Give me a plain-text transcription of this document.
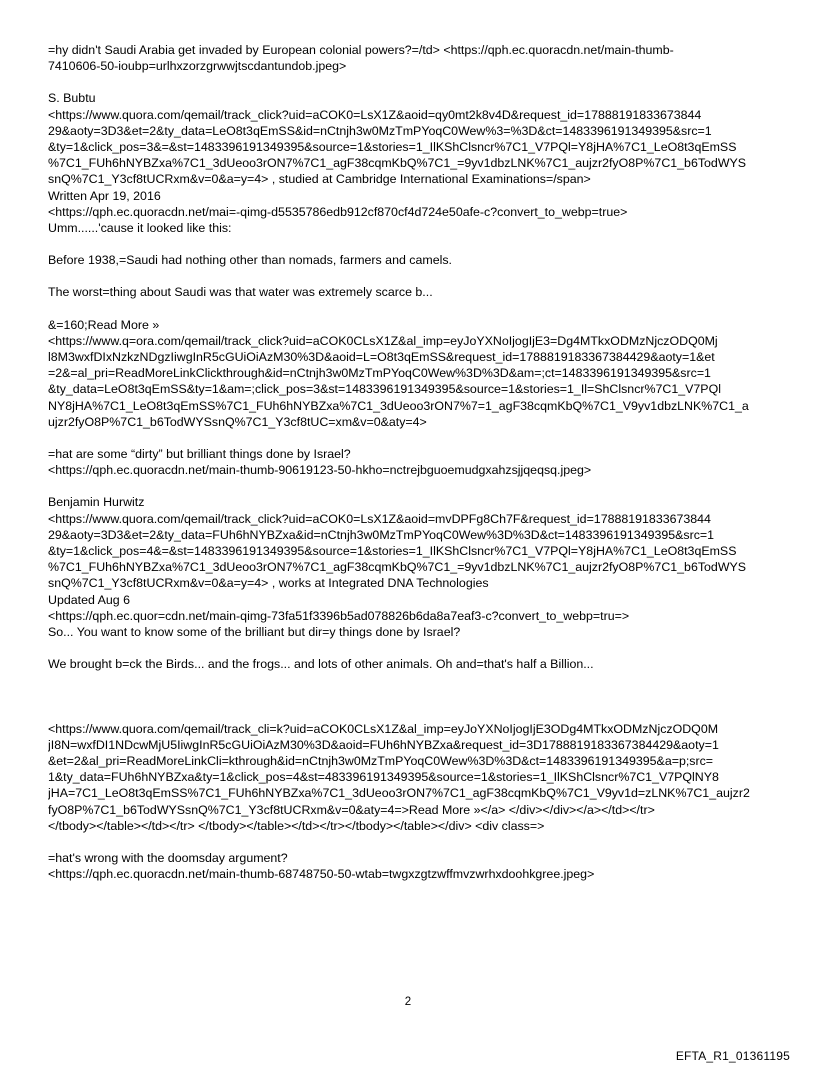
=hy didn't Saudi Arabia get invaded by European colonial powers?=/td> <https://qph.ec.quoracdn.net/main-thumb-
7410606-50-ioubp=urlhxzorzgrwwjtscdantundob.jpeg>
S. Bubtu
<https://www.quora.com/qemail/track_click?uid=aCOK0=LsX1Z&aoid=qy0mt2k8v4D&request_id=17888191833673844
29&aoty=3D3&et=2&ty_data=LeO8t3qEmSS&id=nCtnjh3w0MzTmPYoqC0Wew%3=%3D&ct=1483396191349395&src=1
&ty=1&click_pos=3&=&st=1483396191349395&source=1&stories=1_IlKShClsncr%7C1_V7PQl=Y8jHA%7C1_LeO8t3qEmSS
%7C1_FUh6hNYBZxa%7C1_3dUeoo3rON7%7C1_agF38cqmKbQ%7C1_=9yv1dbzLNK%7C1_aujzr2fyO8P%7C1_b6TodWYS
snQ%7C1_Y3cf8tUCRxm&v=0&a=y=4> , studied at Cambridge International Examinations=/span>
Written Apr 19, 2016
<https://qph.ec.quoracdn.net/mai=-qimg-d5535786edb912cf870cf4d724e50afe-c?convert_to_webp=true>
Umm......'cause it looked like this:
Before 1938,=Saudi had nothing other than nomads, farmers and camels.
The worst=thing about Saudi was that water was extremely scarce b...
&=160;Read More »
<https://www.q=ora.com/qemail/track_click?uid=aCOK0CLsX1Z&al_imp=eyJoYXNoIjogIjE3=Dg4MTkxODMzNjczODQ0Mj
l8M3wxfDIxNzkzNDgzIiwgInR5cGUiOiAzM30%3D&aoid=L=O8t3qEmSS&request_id=1788819183367384429&aoty=1&et
=2&=al_pri=ReadMoreLinkClickthrough&id=nCtnjh3w0MzTmPYoqC0Wew%3D%3D&am=;ct=1483396191349395&src=1
&ty_data=LeO8t3qEmSS&ty=1&am=;click_pos=3&st=1483396191349395&source=1&stories=1_Il=ShClsncr%7C1_V7PQl
NY8jHA%7C1_LeO8t3qEmSS%7C1_FUh6hNYBZxa%7C1_3dUeoo3rON7%7=1_agF38cqmKbQ%7C1_V9yv1dbzLNK%7C1_a
ujzr2fyO8P%7C1_b6TodWYSsnQ%7C1_Y3cf8tUC=xm&v=0&aty=4>
=hat are some “dirty” but brilliant things done by Israel?
<https://qph.ec.quoracdn.net/main-thumb-90619123-50-hkho=nctrejbguoemudgxahzsjjqeqsq.jpeg>
Benjamin Hurwitz
<https://www.quora.com/qemail/track_click?uid=aCOK0=LsX1Z&aoid=mvDPFg8Ch7F&request_id=17888191833673844
29&aoty=3D3&et=2&ty_data=FUh6hNYBZxa&id=nCtnjh3w0MzTmPYoqC0Wew%3D%3D&ct=1483396191349395&src=1
&ty=1&click_pos=4&=&st=1483396191349395&source=1&stories=1_IlKShClsncr%7C1_V7PQl=Y8jHA%7C1_LeO8t3qEmSS
%7C1_FUh6hNYBZxa%7C1_3dUeoo3rON7%7C1_agF38cqmKbQ%7C1_=9yv1dbzLNK%7C1_aujzr2fyO8P%7C1_b6TodWYS
snQ%7C1_Y3cf8tUCRxm&v=0&a=y=4> , works at Integrated DNA Technologies
Updated Aug 6
<https://qph.ec.quor=cdn.net/main-qimg-73fa51f3396b5ad078826b6da8a7eaf3-c?convert_to_webp=tru=>
So... You want to know some of the brilliant but dir=y things done by Israel?
We brought b=ck the Birds... and the frogs... and lots of other animals. Oh and=that's half a Billion...
<https://www.quora.com/qemail/track_cli=k?uid=aCOK0CLsX1Z&al_imp=eyJoYXNoIjogIjE3ODg4MTkxODMzNjczODQ0M
jI8N=wxfDI1NDcwMjU5IiwgInR5cGUiOiAzM30%3D&aoid=FUh6hNYBZxa&request_id=3D1788819183367384429&aoty=1
&et=2&al_pri=ReadMoreLinkCli=kthrough&id=nCtnjh3w0MzTmPYoqC0Wew%3D%3D&ct=1483396191349395&a=p;src=
1&ty_data=FUh6hNYBZxa&ty=1&click_pos=4&st=483396191349395&source=1&stories=1_IlKShClsncr%7C1_V7PQlNY8
jHA=7C1_LeO8t3qEmSS%7C1_FUh6hNYBZxa%7C1_3dUeoo3rON7%7C1_agF38cqmKbQ%7C1_V9yv1d=zLNK%7C1_aujzr2
fyO8P%7C1_b6TodWYSsnQ%7C1_Y3cf8tUCRxm&v=0&aty=4=>Read More »</a> </div></div></a></td></tr>
</tbody></table></td></tr> </tbody></table></td></tr></tbody></table></div> <div class=>
=hat's wrong with the doomsday argument?
<https://qph.ec.quoracdn.net/main-thumb-68748750-50-wtab=twgxzgtzwffmvzwrhxdoohkgree.jpeg>
2
EFTA_R1_01361195
